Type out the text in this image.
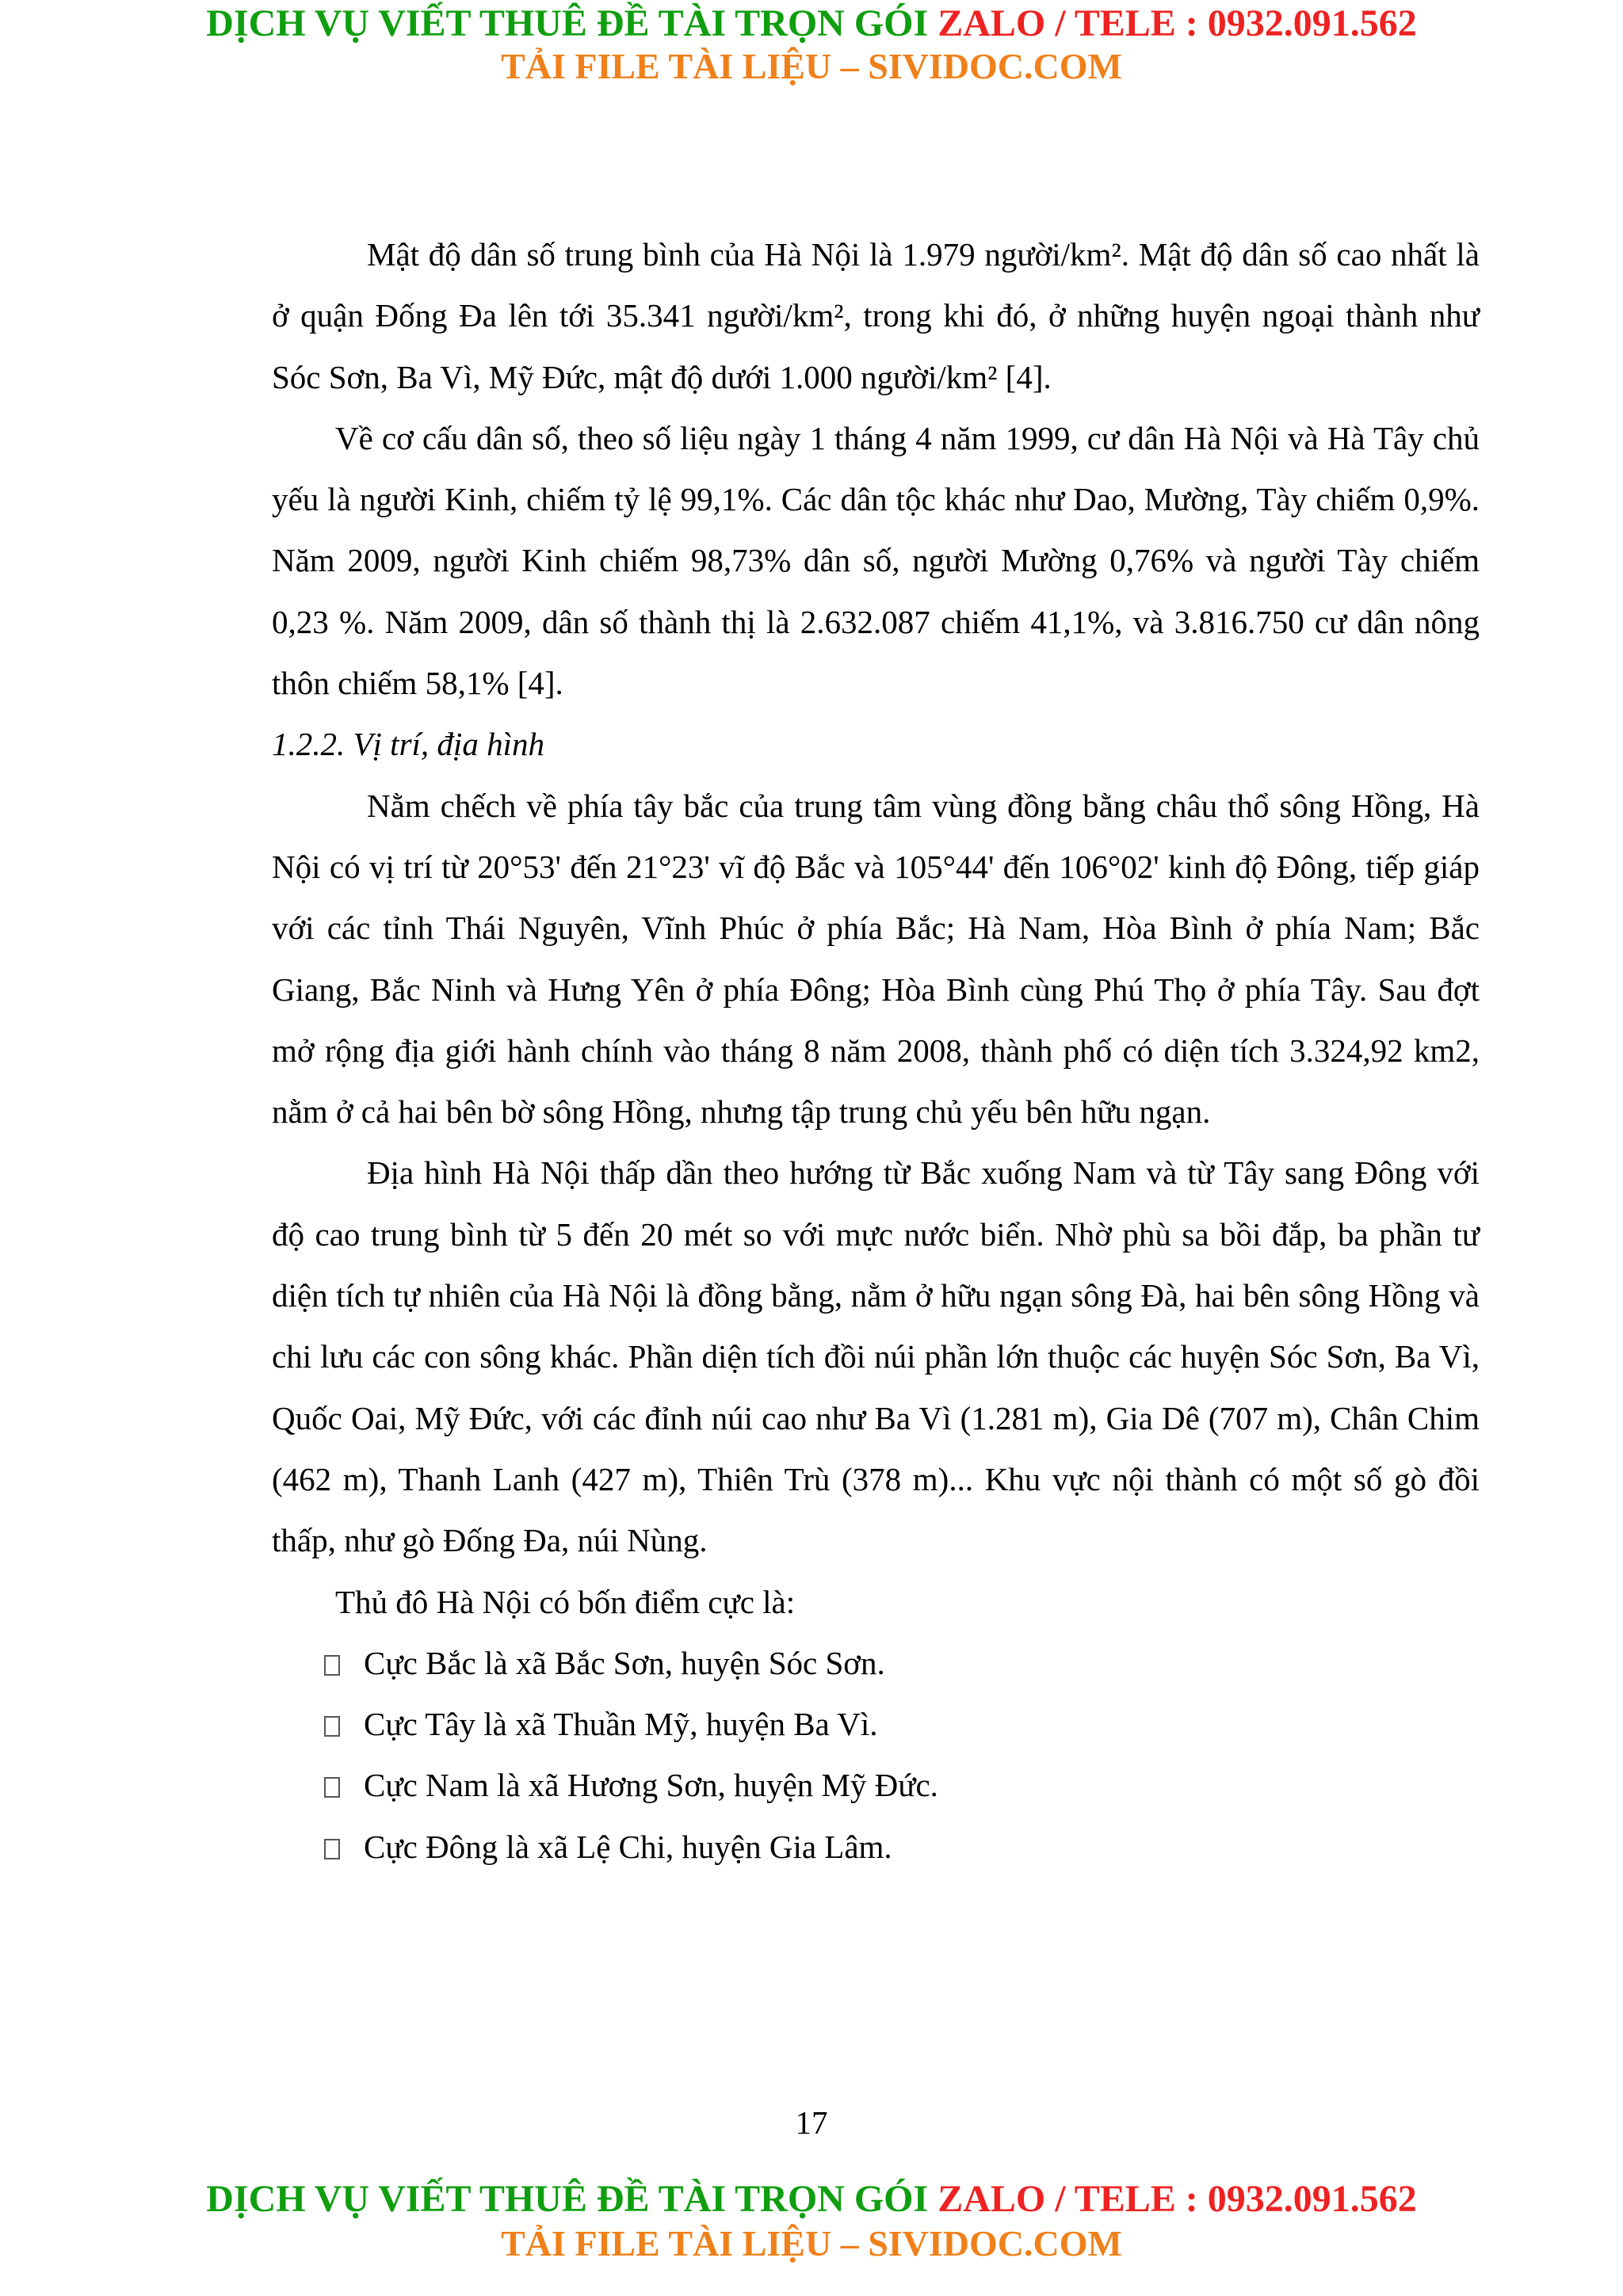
DỊCH VỤ VIẾT THUÊ ĐỀ TÀI TRỌN GÓI ZALO / TELE : 0932.091.562
TẢI FILE TÀI LIỆU – SIVIDOC.COM

Mật độ dân số trung bình của Hà Nội là 1.979 người/km². Mật độ dân số cao nhất là ở quận Đống Đa lên tới 35.341 người/km², trong khi đó, ở những huyện ngoại thành như Sóc Sơn, Ba Vì, Mỹ Đức, mật độ dưới 1.000 người/km² [4].

Về cơ cấu dân số, theo số liệu ngày 1 tháng 4 năm 1999, cư dân Hà Nội và Hà Tây chủ yếu là người Kinh, chiếm tỷ lệ 99,1%. Các dân tộc khác như Dao, Mường, Tày chiếm 0,9%. Năm 2009, người Kinh chiếm 98,73% dân số, người Mường 0,76% và người Tày chiếm 0,23 %. Năm 2009, dân số thành thị là 2.632.087 chiếm 41,1%, và 3.816.750 cư dân nông thôn chiếm 58,1% [4].

1.2.2. Vị trí, địa hình

Nằm chếch về phía tây bắc của trung tâm vùng đồng bằng châu thổ sông Hồng, Hà Nội có vị trí từ 20°53' đến 21°23' vĩ độ Bắc và 105°44' đến 106°02' kinh độ Đông, tiếp giáp với các tỉnh Thái Nguyên, Vĩnh Phúc ở phía Bắc; Hà Nam, Hòa Bình ở phía Nam; Bắc Giang, Bắc Ninh và Hưng Yên ở phía Đông; Hòa Bình cùng Phú Thọ ở phía Tây. Sau đợt mở rộng địa giới hành chính vào tháng 8 năm 2008, thành phố có diện tích 3.324,92 km2, nằm ở cả hai bên bờ sông Hồng, nhưng tập trung chủ yếu bên hữu ngạn.

Địa hình Hà Nội thấp dần theo hướng từ Bắc xuống Nam và từ Tây sang Đông với độ cao trung bình từ 5 đến 20 mét so với mực nước biển. Nhờ phù sa bồi đắp, ba phần tư diện tích tự nhiên của Hà Nội là đồng bằng, nằm ở hữu ngạn sông Đà, hai bên sông Hồng và chi lưu các con sông khác. Phần diện tích đồi núi phần lớn thuộc các huyện Sóc Sơn, Ba Vì, Quốc Oai, Mỹ Đức, với các đỉnh núi cao như Ba Vì (1.281 m), Gia Dê (707 m), Chân Chim (462 m), Thanh Lanh (427 m), Thiên Trù (378 m)... Khu vực nội thành có một số gò đồi thấp, như gò Đống Đa, núi Nùng.

Thủ đô Hà Nội có bốn điểm cực là:

Cực Bắc là xã Bắc Sơn, huyện Sóc Sơn.
Cực Tây là xã Thuần Mỹ, huyện Ba Vì.
Cực Nam là xã Hương Sơn, huyện Mỹ Đức.
Cực Đông là xã Lệ Chi, huyện Gia Lâm.
17
DỊCH VỤ VIẾT THUÊ ĐỀ TÀI TRỌN GÓI ZALO / TELE : 0932.091.562
TẢI FILE TÀI LIỆU – SIVIDOC.COM
